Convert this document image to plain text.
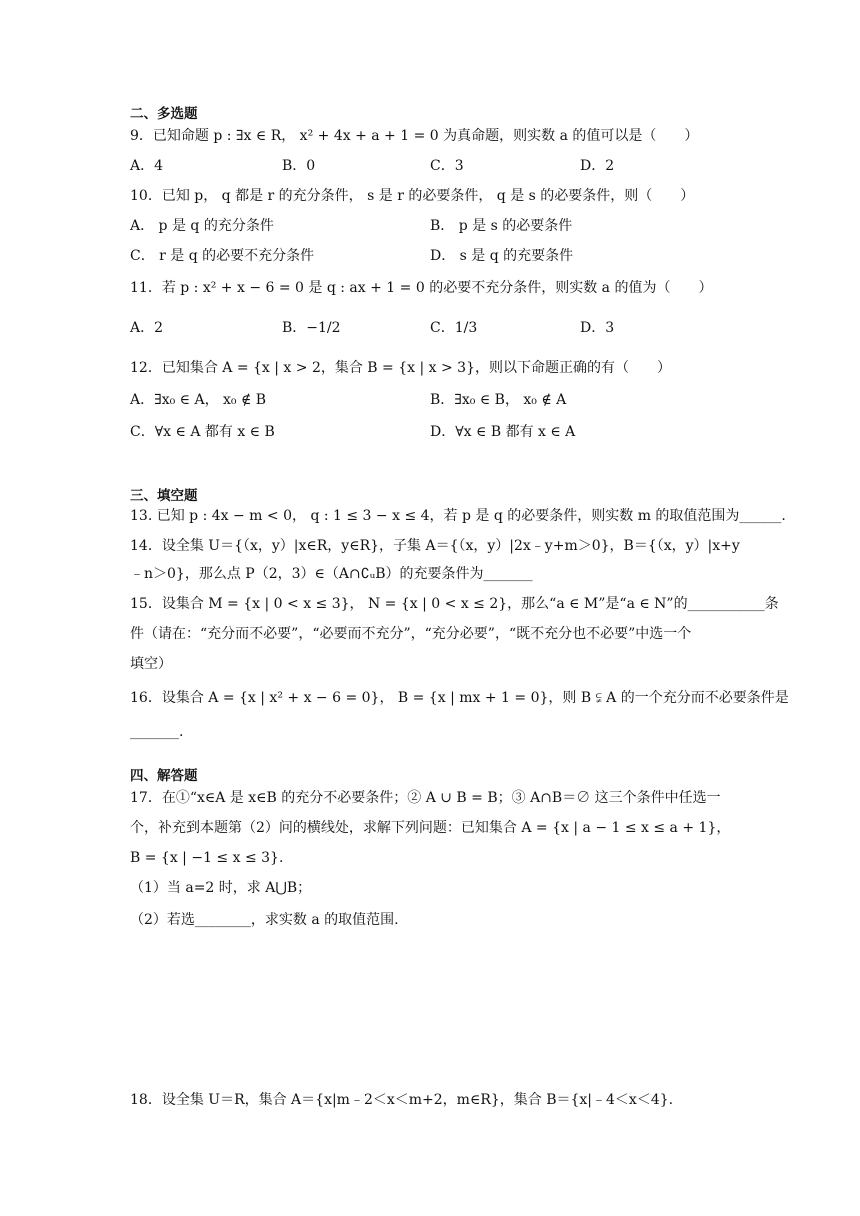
二、多选题
9．已知命题 p : ∃x ∈ R， x² + 4x + a + 1 = 0 为真命题，则实数 a 的值可以是（　　）
A．4	B．0	C．3	D．2
10．已知 p， q 都是 r 的充分条件， s 是 r 的必要条件， q 是 s 的必要条件，则（　　）
A． p 是 q 的充分条件	B． p 是 s 的必要条件
C． r 是 q 的必要不充分条件	D． s 是 q 的充要条件
11．若 p : x² + x − 6 = 0 是 q : ax + 1 = 0 的必要不充分条件，则实数 a 的值为（　　）
A．2	B．−1/2	C．1/3	D．3
12．已知集合 A = {x | x > 2，集合 B = {x | x > 3}，则以下命题正确的有（　　）
A．∃x₀ ∈ A， x₀ ∉ B	B．∃x₀ ∈ B， x₀ ∉ A
C．∀x ∈ A 都有 x ∈ B	D．∀x ∈ B 都有 x ∈ A
三、填空题
13. 已知 p : 4x − m < 0， q : 1 ≤ 3 − x ≤ 4，若 p 是 q 的必要条件，则实数 m 的取值范围为______.
14．设全集 U＝{（x，y）|x∈R，y∈R}，子集 A＝{（x，y）|2x﹣y+m＞0}，B＝{（x，y）|x+y
﹣n＞0}，那么点 P（2，3）∈（A∩∁ᵤB）的充要条件为_______
15．设集合 M = {x | 0 < x ≤ 3}， N = {x | 0 < x ≤ 2}，那么“a ∈ M”是“a ∈ N”的___________条
件（请在：“充分而不必要”，“必要而不充分”，“充分必要”，“既不充分也不必要”中选一个
填空）
16．设集合 A = {x | x² + x − 6 = 0}， B = {x | mx + 1 = 0}，则 B ⫋ A 的一个充分而不必要条件是
_______.
四、解答题
17．在①“x∈A 是 x∈B 的充分不必要条件；② A ∪ B = B；③ A∩B＝∅ 这三个条件中任选一
个，补充到本题第（2）问的横线处，求解下列问题：已知集合 A = {x | a − 1 ≤ x ≤ a + 1}，
B = {x | −1 ≤ x ≤ 3}.
（1）当 a=2 时，求 A⋃B；
（2）若选________，求实数 a 的取值范围.
18．设全集 U＝R，集合 A＝{x|m﹣2＜x＜m+2，m∈R}，集合 B＝{x|﹣4＜x＜4}.
